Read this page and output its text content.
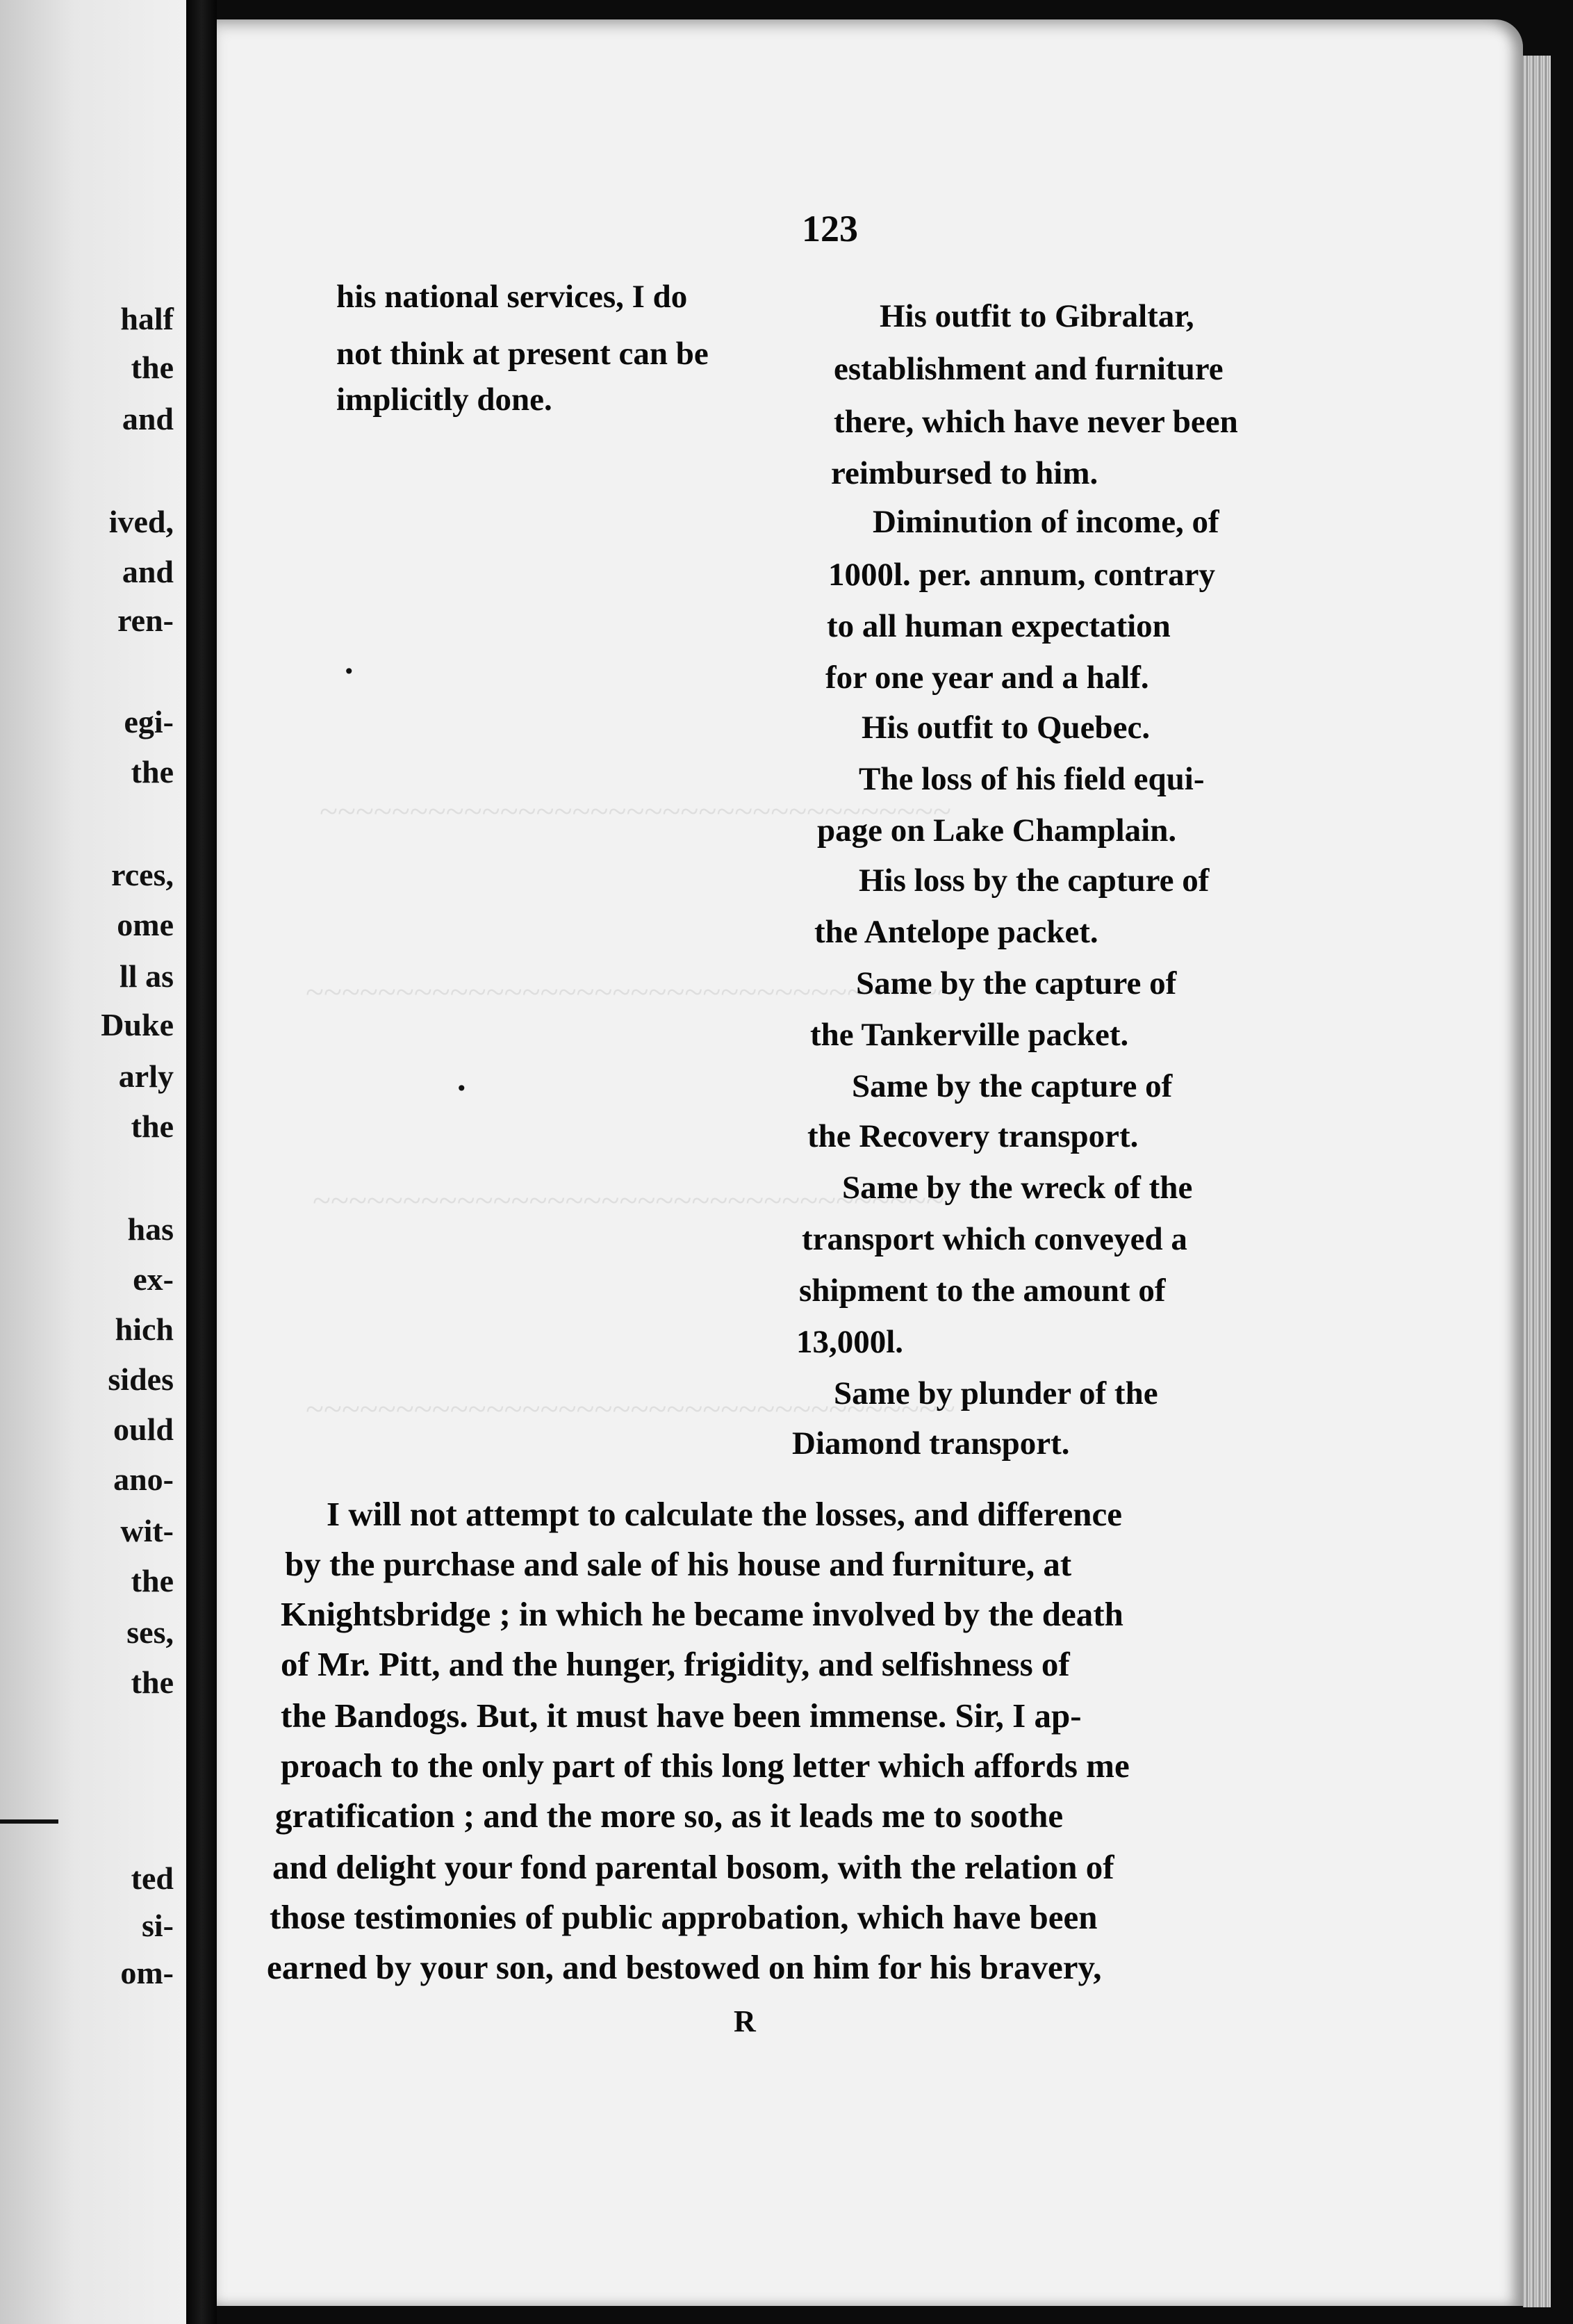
half

the

and

ived,

and

ren-

egi-

the

rces,

ome

ll as

Duke

arly

the

has

ex-

hich

sides

ould

ano-

wit-

the

ses,

the

ted

si-

om-

~~~~~~~~~~~~~~~~~~~~~~~~~~~~~~~~~~~
~~~~~~~~~~~~~~~~~~~~~~~~~~~~~~~~~~~~
~~~~~~~~~~~~~~~~~~~~~~~~~~~~~~~~~~~
~~~~~~~~~~~~~~~~~~~~~~~~~~~~~~~~~~~~

123

his national services, I do

not think at present can be

implicitly done.

His outfit to Gibraltar,

establishment and furniture

there, which have never been

reimbursed to him.

Diminution of income, of

1000l. per. annum, contrary

to all human expectation

for one year and a half.

His outfit to Quebec.

The loss of his field equi-

page on Lake Champlain.

His loss by the capture of

the Antelope packet.

Same by the capture of

the Tankerville packet.

Same by the capture of

the Recovery transport.

Same by the wreck of the

transport which conveyed a

shipment to the amount of

13,000l.

Same by plunder of the

Diamond transport.

I will not attempt to calculate the losses, and difference

by the purchase and sale of his house and furniture, at

Knightsbridge ; in which he became involved by the death

of Mr. Pitt, and the hunger, frigidity, and selfishness of

the Bandogs. But, it must have been immense. Sir, I ap-

proach to the only part of this long letter which affords me

gratification ; and the more so, as it leads me to soothe

and delight your fond parental bosom, with the relation of

those testimonies of public approbation, which have been

earned by your son, and bestowed on him for his bravery,

R

•
•
